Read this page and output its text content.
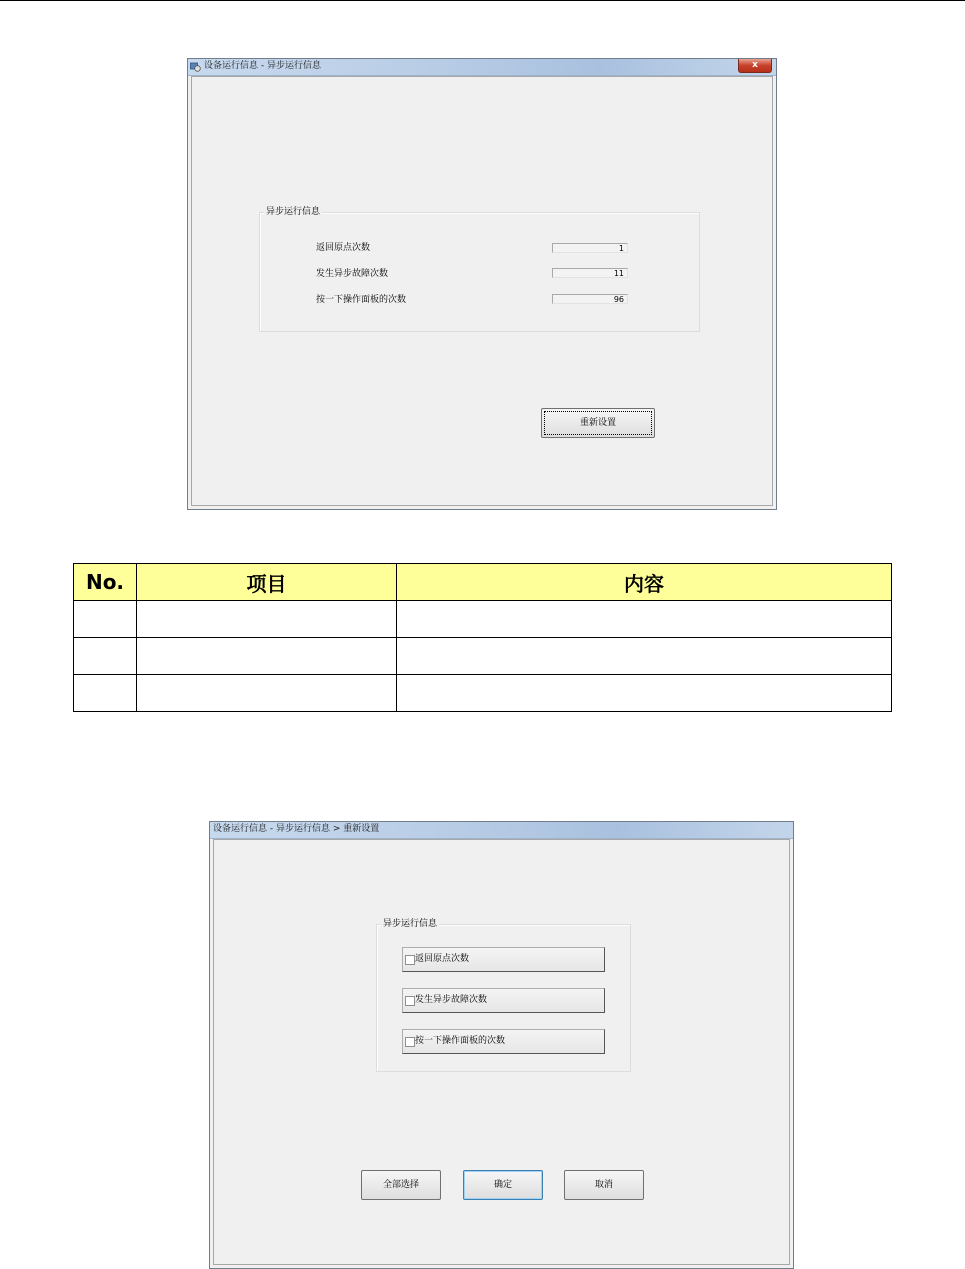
设备运行信息 - 异步运行信息	x
异步运行信息
返回原点次数	1
发生异步故障次数	11
按一下操作面板的次数	96
重新设置
No.	项目	内容

设备运行信息 - 异步运行信息 > 重新设置
异步运行信息
返回原点次数
发生异步故障次数
按一下操作面板的次数
全部选择	确定	取消
